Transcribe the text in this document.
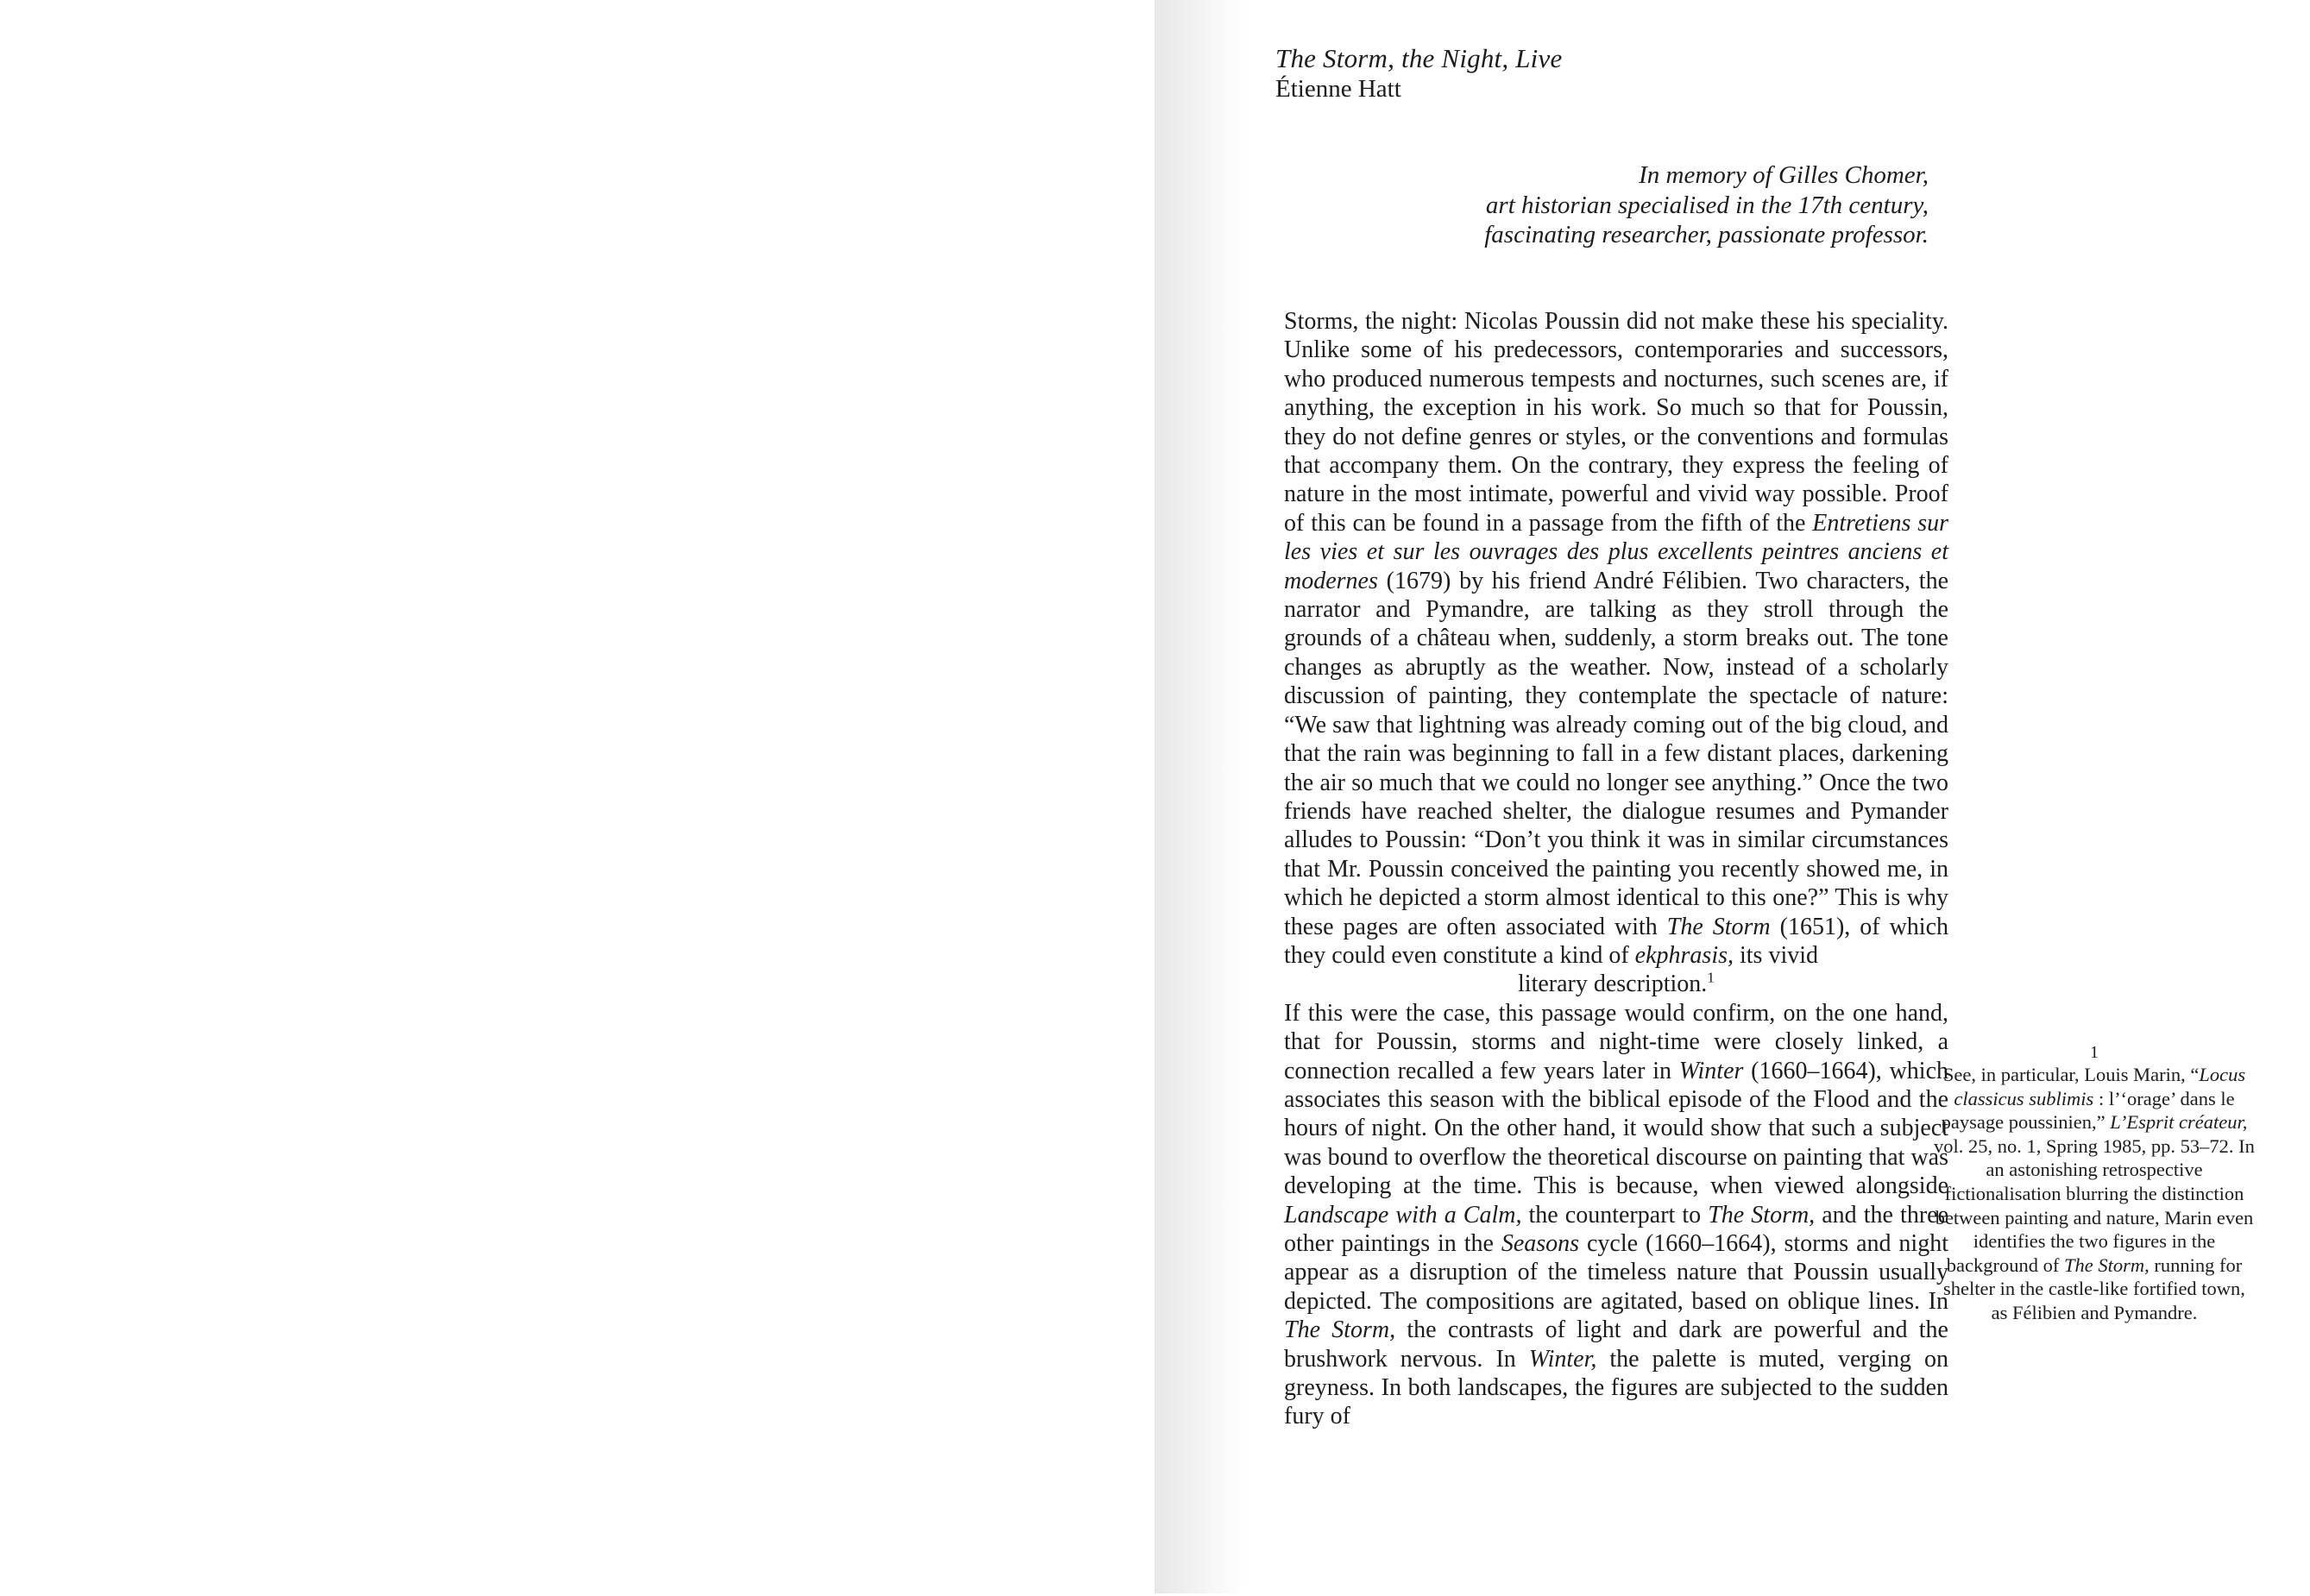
The Storm, the Night, Live
Étienne Hatt
In memory of Gilles Chomer,
art historian specialised in the 17th century,
fascinating researcher, passionate professor.

Storms, the night: Nicolas Poussin did not make these his speciality. Unlike some of his predecessors, contemporaries and successors, who produced numerous tempests and nocturnes, such scenes are, if anything, the exception in his work. So much so that for Poussin, they do not define genres or styles, or the conventions and formulas that accompany them. On the contrary, they express the feeling of nature in the most intimate, powerful and vivid way possible. Proof of this can be found in a passage from the fifth of the Entretiens sur les vies et sur les ouvrages des plus excellents peintres anciens et modernes (1679) by his friend André Félibien. Two characters, the narrator and Pymandre, are talking as they stroll through the grounds of a château when, suddenly, a storm breaks out. The tone changes as abruptly as the weather. Now, instead of a scholarly discussion of painting, they contemplate the spectacle of nature: “We saw that lightning was already coming out of the big cloud, and that the rain was beginning to fall in a few distant places, darkening the air so much that we could no longer see anything.” Once the two friends have reached shelter, the dialogue resumes and Pymander alludes to Poussin: “Don’t you think it was in similar circumstances that Mr. Poussin conceived the painting you recently showed me, in which he depicted a storm almost identical to this one?” This is why these pages are often associated with The Storm (1651), of which they could even constitute a kind of ekphrasis, its vivid

literary description.$^1$

If this were the case, this passage would confirm, on the one hand, that for Poussin, storms and night-time were closely linked, a connection recalled a few years later in Winter (1660–1664), which associates this season with the biblical episode of the Flood and the hours of night. On the other hand, it would show that such a subject was bound to overflow the theoretical discourse on painting that was developing at the time. This is because, when viewed alongside Landscape with a Calm, the counterpart to The Storm, and the three other paintings in the Seasons cycle (1660–1664), storms and night appear as a disruption of the timeless nature that Poussin usually depicted. The compositions are agitated, based on oblique lines. In The Storm, the contrasts of light and dark are powerful and the brushwork nervous. In Winter, the palette is muted, verging on greyness. In both landscapes, the figures are subjected to the sudden fury of

1
See, in particular, Louis Marin, “Locus classicus sublimis : l’‘orage’ dans le paysage poussinien,” L’Esprit créateur, vol. 25, no. 1, Spring 1985, pp. 53–72. In an astonishing retrospective fictionalisation blurring the distinction between painting and nature, Marin even identifies the two figures in the background of The Storm, running for shelter in the castle-like fortified town, as Félibien and Pymandre.
